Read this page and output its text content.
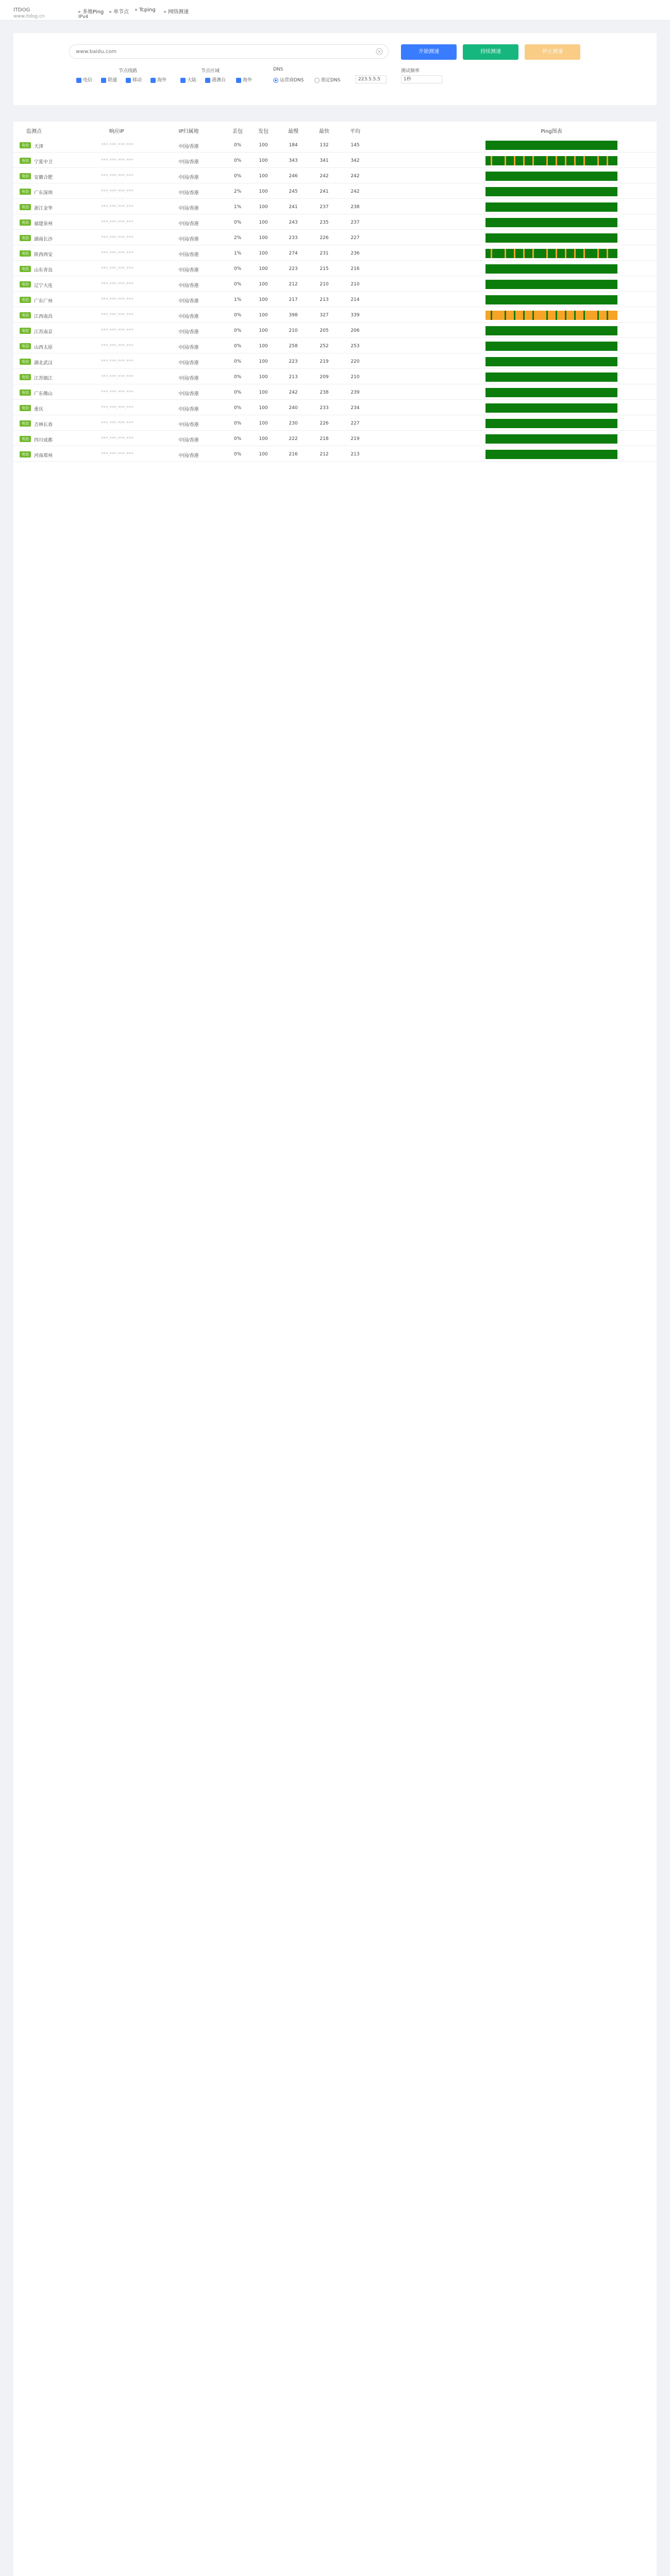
ITDOG
www.itdog.cn
多地Ping	单节点	Tcping	网络测速
IPv4
www.baidu.com
开始测速	持续测速	停止测速
节点线路
电信	联通	移动	海外
节点区域
大陆	港澳台	海外
DNS
运营商DNS	指定DNS	223.5.5.5
测试频率
1秒
监测点	响应IP	IP归属地	丢包	发包	最慢	最快	平均	Ping图表
电信	天津	***.***.***.***	中国/香港	0%	100	184	132	145
电信	宁夏中卫	***.***.***.***	中国/香港	0%	100	343	341	342
电信	安徽合肥	***.***.***.***	中国/香港	0%	100	246	242	242
电信	广东深圳	***.***.***.***	中国/香港	2%	100	245	241	242
电信	浙江金华	***.***.***.***	中国/香港	1%	100	241	237	238
电信	福建泉州	***.***.***.***	中国/香港	0%	100	243	235	237
电信	湖南长沙	***.***.***.***	中国/香港	2%	100	233	226	227
电信	陕西西安	***.***.***.***	中国/香港	1%	100	274	231	236
电信	山东青岛	***.***.***.***	中国/香港	0%	100	223	215	216
电信	辽宁大连	***.***.***.***	中国/香港	0%	100	212	210	210
电信	广东广州	***.***.***.***	中国/香港	1%	100	217	213	214
电信	江西南昌	***.***.***.***	中国/香港	0%	100	398	327	339
电信	江苏南京	***.***.***.***	中国/香港	0%	100	210	205	206
电信	山西太原	***.***.***.***	中国/香港	0%	100	258	252	253
电信	湖北武汉	***.***.***.***	中国/香港	0%	100	223	219	220
电信	江苏镇江	***.***.***.***	中国/香港	0%	100	213	209	210
电信	广东佛山	***.***.***.***	中国/香港	0%	100	242	238	239
电信	重庆	***.***.***.***	中国/香港	0%	100	240	233	234
电信	吉林长春	***.***.***.***	中国/香港	0%	100	230	226	227
电信	四川成都	***.***.***.***	中国/香港	0%	100	222	218	219
电信	河南郑州	***.***.***.***	中国/香港	0%	100	216	212	213
